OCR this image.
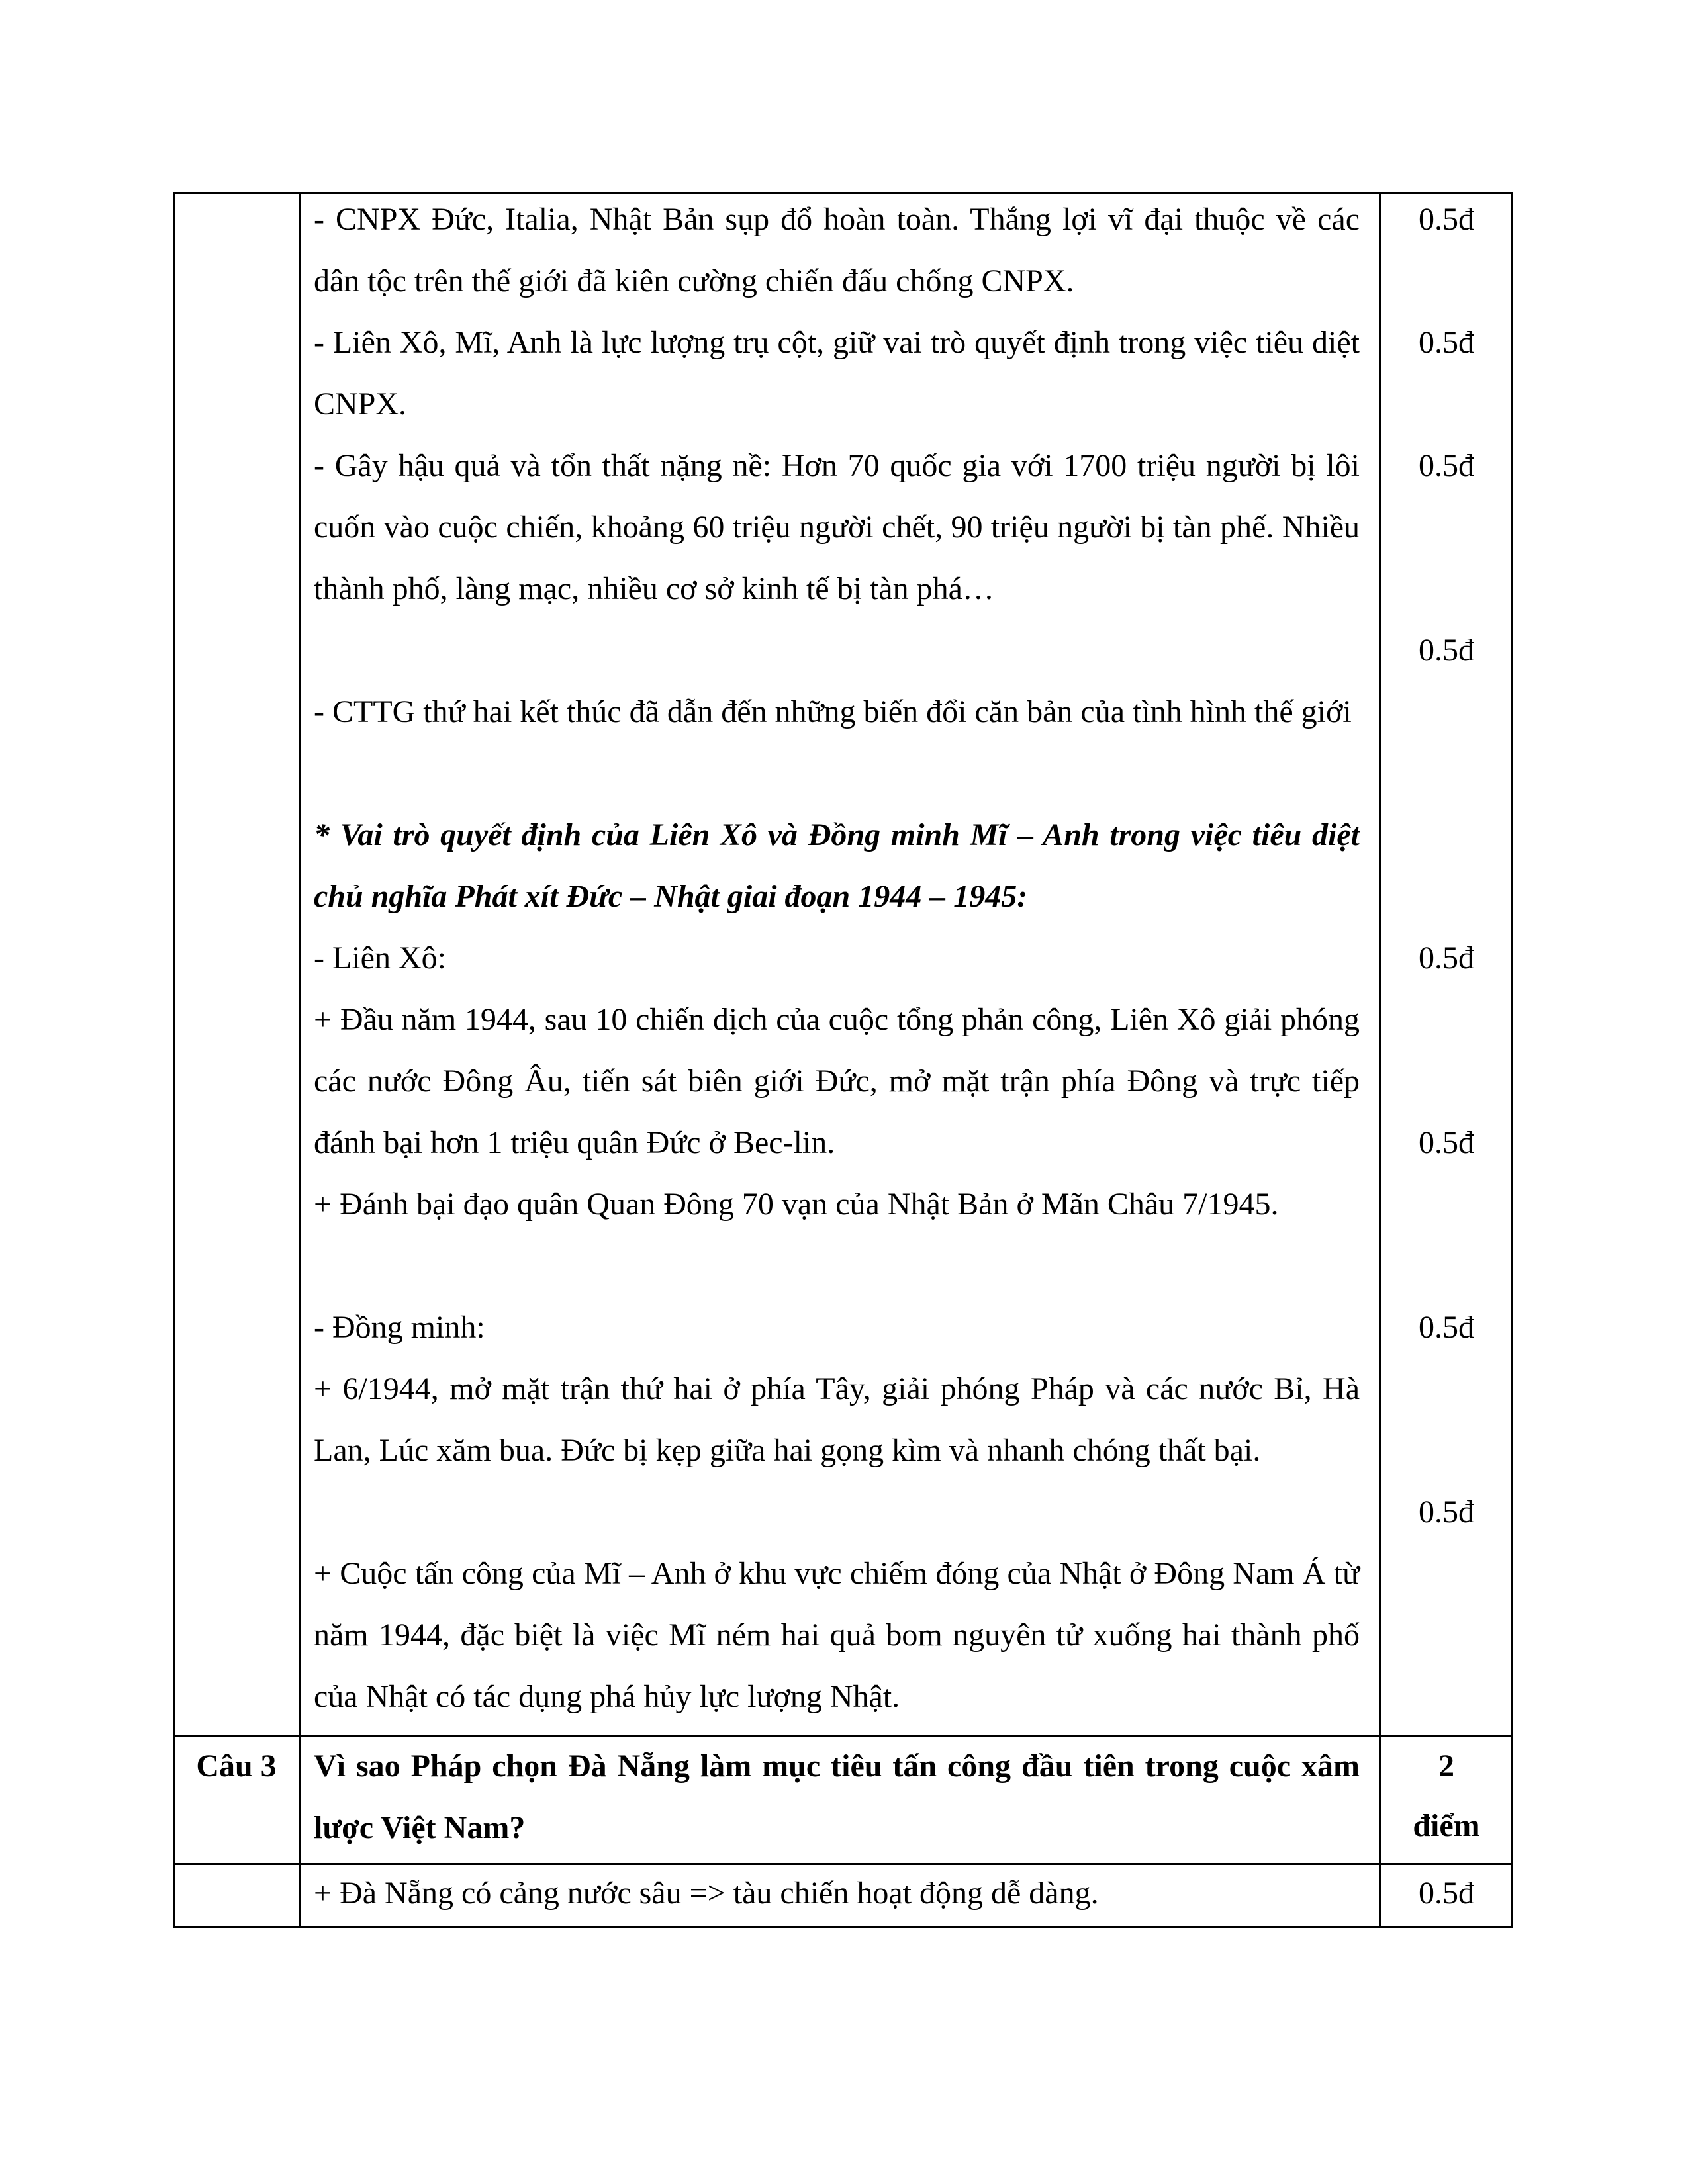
- CNPX Đức, Italia, Nhật Bản sụp đổ hoàn toàn. Thắng lợi vĩ đại thuộc về các dân tộc trên thế giới đã kiên cường chiến đấu chống CNPX.
- Liên Xô, Mĩ, Anh là lực lượng trụ cột, giữ vai trò quyết định trong việc tiêu diệt CNPX.
- Gây hậu quả và tổn thất nặng nề: Hơn 70 quốc gia với 1700 triệu người bị lôi cuốn vào cuộc chiến, khoảng 60 triệu người chết, 90 triệu người bị tàn phế. Nhiều thành phố, làng mạc, nhiều cơ sở kinh tế bị tàn phá…
- CTTG thứ hai kết thúc đã dẫn đến những biến đổi căn bản của tình hình thế giới
* Vai trò quyết định của Liên Xô và Đồng minh Mĩ – Anh trong việc tiêu diệt chủ nghĩa Phát xít Đức – Nhật giai đoạn 1944 – 1945:
- Liên Xô:
+ Đầu năm 1944, sau 10 chiến dịch của cuộc tổng phản công, Liên Xô giải phóng các nước Đông Âu, tiến sát biên giới Đức, mở mặt trận phía Đông và trực tiếp đánh bại hơn 1 triệu quân Đức ở Bec-lin.
+ Đánh bại đạo quân Quan Đông 70 vạn của Nhật Bản ở Mãn Châu 7/1945.
- Đồng minh:
+ 6/1944, mở mặt trận thứ hai ở phía Tây, giải phóng Pháp và các nước Bỉ, Hà Lan, Lúc xăm bua. Đức bị kẹp giữa hai gọng kìm và nhanh chóng thất bại.
+ Cuộc tấn công của Mĩ – Anh ở khu vực chiếm đóng của Nhật ở Đông Nam Á từ năm 1944, đặc biệt là việc Mĩ ném hai quả bom nguyên tử xuống hai thành phố của Nhật có tác dụng phá hủy lực lượng Nhật.
0.5đ
0.5đ
0.5đ
0.5đ
0.5đ
0.5đ
0.5đ
0.5đ
Câu 3	Vì sao Pháp chọn Đà Nẵng làm mục tiêu tấn công đầu tiên trong cuộc xâm lược Việt Nam?
2
điểm
+ Đà Nẵng có cảng nước sâu => tàu chiến hoạt động dễ dàng.	0.5đ
